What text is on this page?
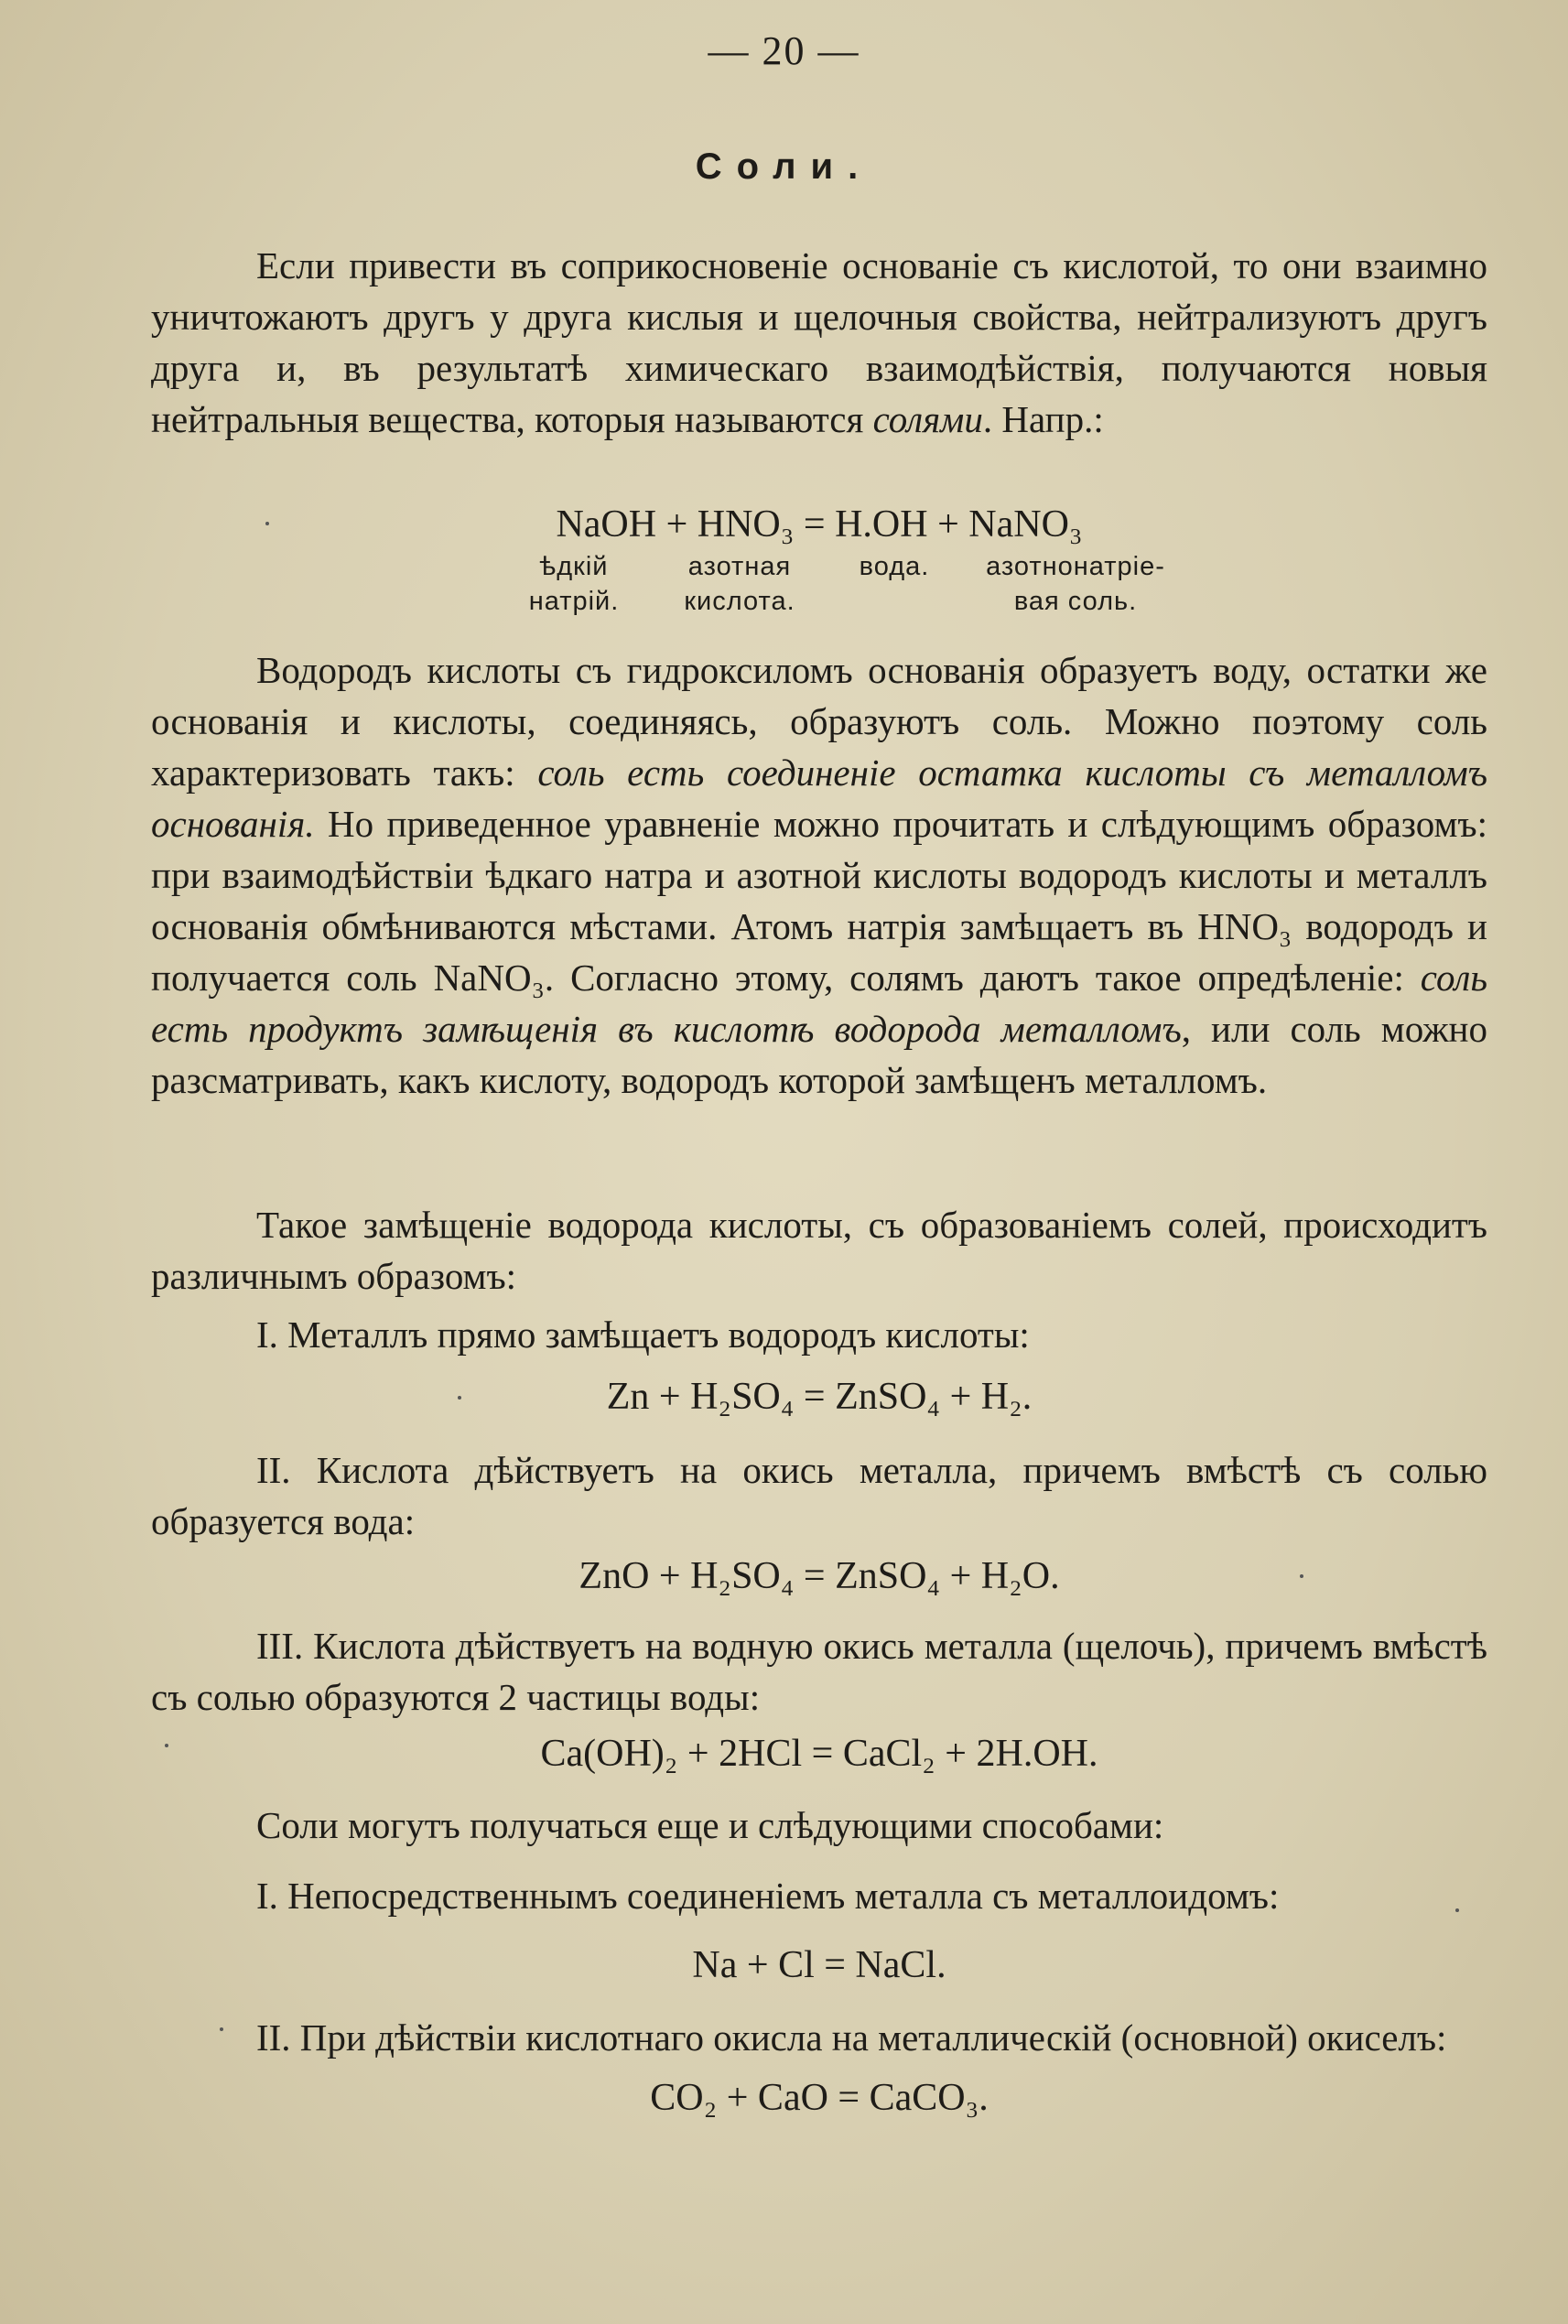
— 20 —
Соли.

Если привести въ соприкосновеніе основаніе съ кислотой, то они взаимно уничтожаютъ другъ у друга кислыя и щелочныя свойства, нейтрализуютъ другъ друга и, въ результатѣ химическаго взаимодѣйствія, получаются новыя нейтральныя вещества, которыя называются солями. Напр.:

NaOH + HNO₃ = H.OH + NaNO₃

ѣдкій
натрій.
азотная
кислота.
вода.	азотнонатріе-
вая соль.

Водородъ кислоты съ гидроксиломъ основанія образуетъ воду, остатки же основанія и кислоты, соединяясь, образуютъ соль. Можно поэтому соль характеризовать такъ: соль есть соединеніе остатка кислоты съ металломъ основанія. Но приведенное уравненіе можно прочитать и слѣдующимъ образомъ: при взаимодѣйствіи ѣдкаго натра и азотной кислоты водородъ кислоты и металлъ основанія обмѣниваются мѣстами. Атомъ натрія замѣщаетъ въ HNO₃ водородъ и получается соль NaNO₃. Согласно этому, солямъ даютъ такое опредѣленіе: соль есть продуктъ замѣщенія въ кислотѣ водорода металломъ, или соль можно разсматривать, какъ кислоту, водородъ которой замѣщенъ металломъ.

Такое замѣщеніе водорода кислоты, съ образованіемъ солей, происходитъ различнымъ образомъ:

I. Металлъ прямо замѣщаетъ водородъ кислоты:

Zn + H₂SO₄ = ZnSO₄ + H₂.

II. Кислота дѣйствуетъ на окись металла, причемъ вмѣстѣ съ солью образуется вода:

ZnO + H₂SO₄ = ZnSO₄ + H₂O.

III. Кислота дѣйствуетъ на водную окись металла (щелочь), причемъ вмѣстѣ съ солью образуются 2 частицы воды:

Ca(OH)₂ + 2HCl = CaCl₂ + 2H.OH.

Соли могутъ получаться еще и слѣдующими способами:

I. Непосредственнымъ соединеніемъ металла съ металлоидомъ:

Na + Cl = NaCl.

II. При дѣйствіи кислотнаго окисла на металлическій (основной) окиселъ:

CO₂ + CaO = CaCO₃.
